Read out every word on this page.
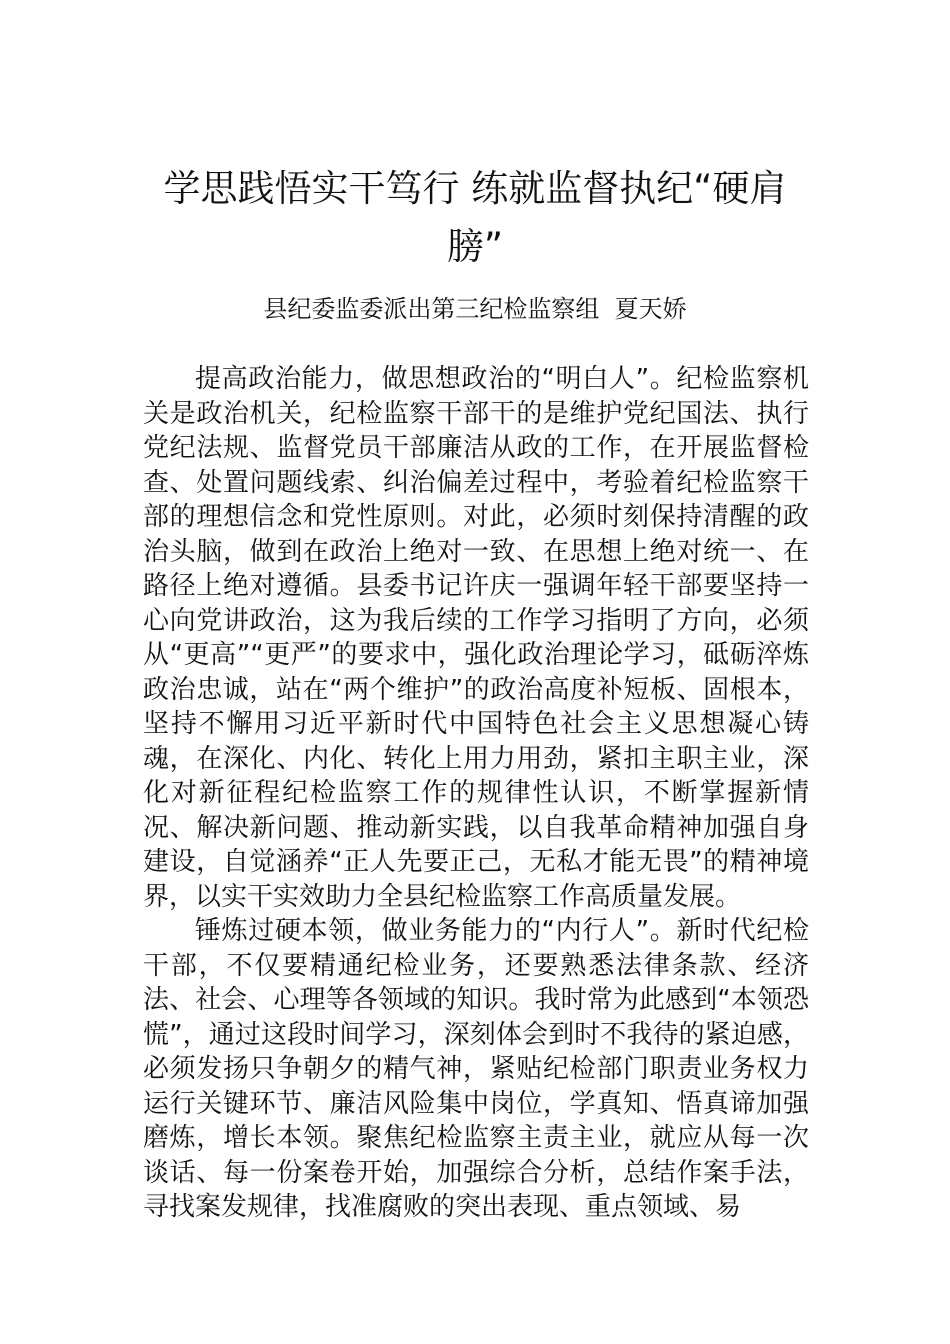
学思践悟实干笃行 练就监督执纪“硬肩膀”
县纪委监委派出第三纪检监察组  夏天娇

提高政治能力，做思想政治的“明白人”。纪检监察机关是政治机关，纪检监察干部干的是维护党纪国法、执行党纪法规、监督党员干部廉洁从政的工作，在开展监督检查、处置问题线索、纠治偏差过程中，考验着纪检监察干部的理想信念和党性原则。对此，必须时刻保持清醒的政治头脑，做到在政治上绝对一致、在思想上绝对统一、在路径上绝对遵循。县委书记许庆一强调年轻干部要坚持一心向党讲政治，这为我后续的工作学习指明了方向，必须从“更高”“更严”的要求中，强化政治理论学习，砥砺淬炼政治忠诚，站在“两个维护”的政治高度补短板、固根本，坚持不懈用习近平新时代中国特色社会主义思想凝心铸魂，在深化、内化、转化上用力用劲，紧扣主职主业，深化对新征程纪检监察工作的规律性认识，不断掌握新情况、解决新问题、推动新实践，以自我革命精神加强自身建设，自觉涵养“正人先要正己，无私才能无畏”的精神境界，以实干实效助力全县纪检监察工作高质量发展。

锤炼过硬本领，做业务能力的“内行人”。新时代纪检干部，不仅要精通纪检业务，还要熟悉法律条款、经济法、社会、心理等各领域的知识。我时常为此感到“本领恐慌”，通过这段时间学习，深刻体会到时不我待的紧迫感，必须发扬只争朝夕的精气神，紧贴纪检部门职责业务权力运行关键环节、廉洁风险集中岗位，学真知、悟真谛加强磨炼，增长本领。聚焦纪检监察主责主业，就应从每一次谈话、每一份案卷开始，加强综合分析，总结作案手法，寻找案发规律，找准腐败的突出表现、重点领域、易
